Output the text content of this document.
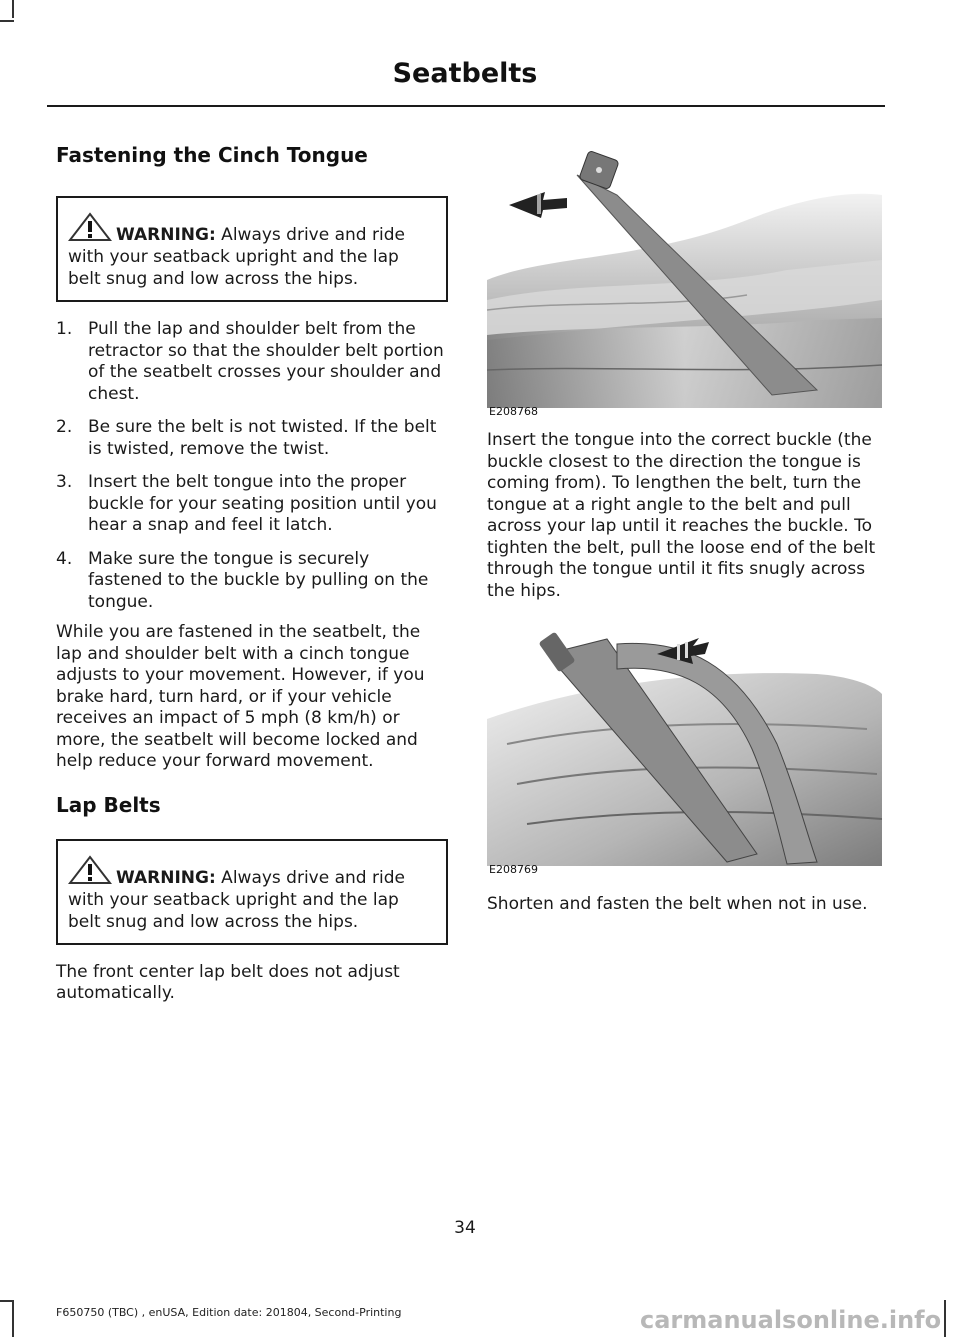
Seatbelts
Fastening the Cinch Tongue
WARNING: Always drive and ride with your seatback upright and the lap belt snug and low across the hips.
1. Pull the lap and shoulder belt from the retractor so that the shoulder belt portion of the seatbelt crosses your shoulder and chest.
2. Be sure the belt is not twisted. If the belt is twisted, remove the twist.
3. Insert the belt tongue into the proper buckle for your seating position until you hear a snap and feel it latch.
4. Make sure the tongue is securely fastened to the buckle by pulling on the tongue.

While you are fastened in the seatbelt, the lap and shoulder belt with a cinch tongue adjusts to your movement. However, if you brake hard, turn hard, or if your vehicle receives an impact of 5 mph (8 km/h) or more, the seatbelt will become locked and help reduce your forward movement.

Lap Belts
WARNING: Always drive and ride with your seatback upright and the lap belt snug and low across the hips.

The front center lap belt does not adjust automatically.

E208768

Insert the tongue into the correct buckle (the buckle closest to the direction the tongue is coming from). To lengthen the belt, turn the tongue at a right angle to the belt and pull across your lap until it reaches the buckle. To tighten the belt, pull the loose end of the belt through the tongue until it fits snugly across the hips.

E208769

Shorten and fasten the belt when not in use.

34
F650750 (TBC) , enUSA, Edition date: 201804, Second-Printing	carmanualsonline.info
